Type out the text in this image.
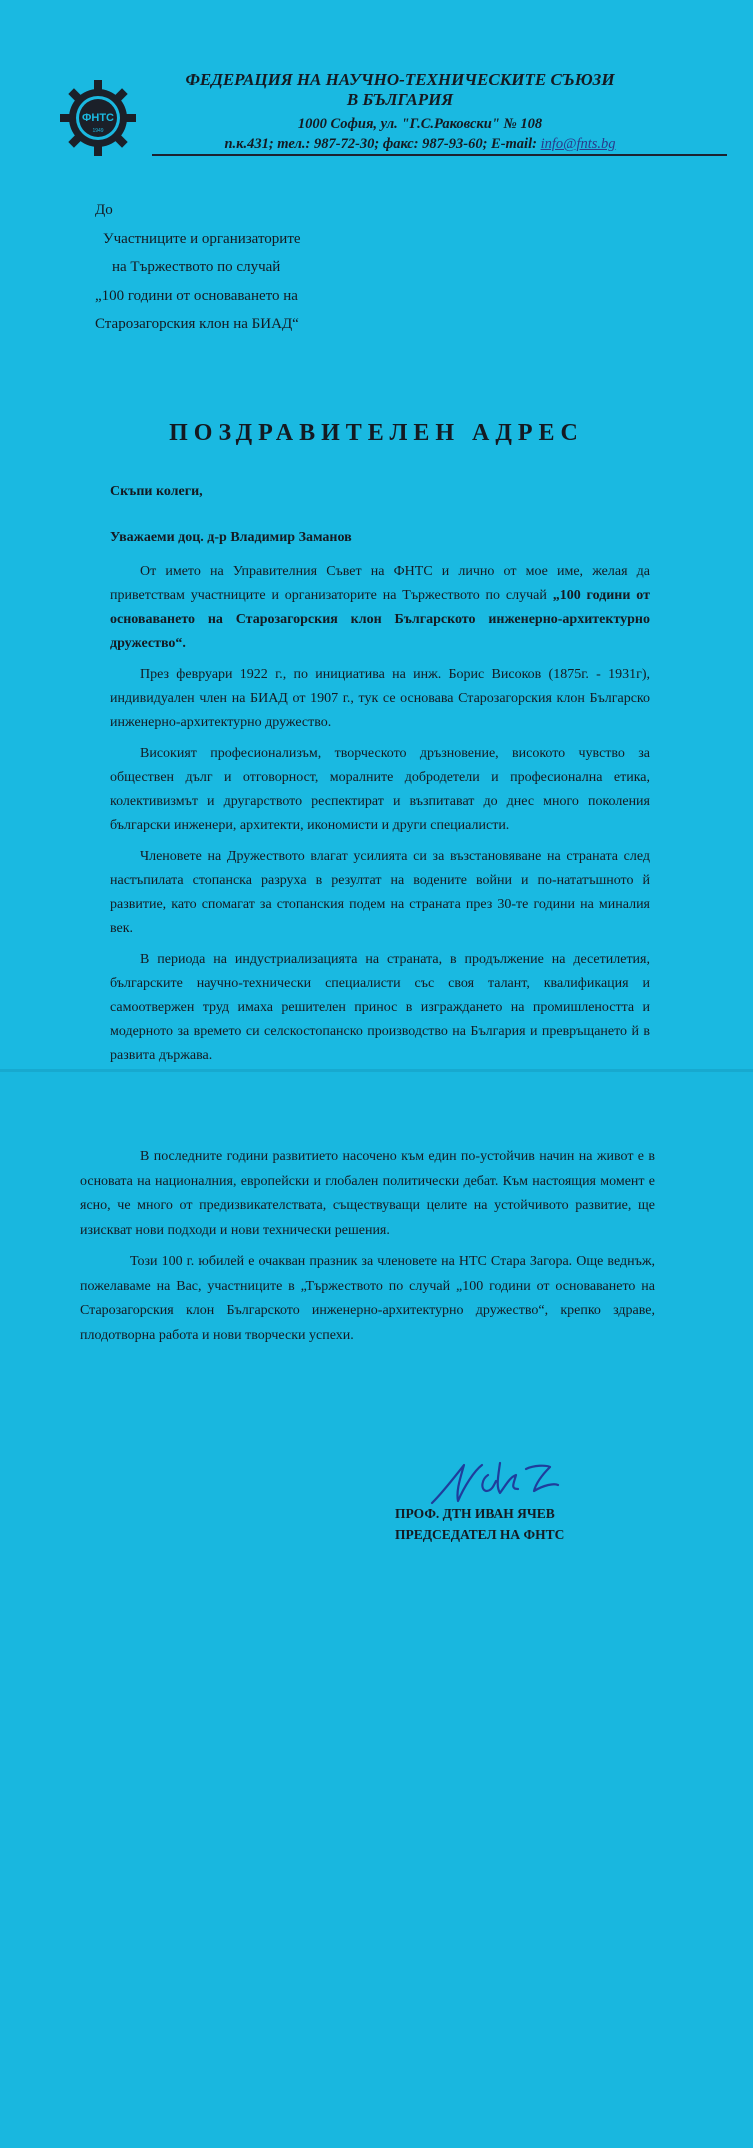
ФНТС
1949
ФЕДЕРАЦИЯ НА НАУЧНО-ТЕХНИЧЕСКИТЕ СЪЮЗИ
В БЪЛГАРИЯ
1000 София, ул. "Г.С.Раковски" № 108
п.к.431; тел.: 987-72-30; факс: 987-93-60; E-mail: info@fnts.bg
До
Участниците и организаторите
на Тържеството по случай
„100 години от основаването на
Старозагорския клон на БИАД“
ПОЗДРАВИТЕЛЕН АДРЕС

Скъпи колеги,

Уважаеми доц. д-р Владимир Заманов

От името на Управителния Съвет на ФНТС и лично от мое име, желая да приветствам участниците и организаторите на Тържеството по случай „100 години от основаването на Старозагорския клон Българското инженерно-архитектурно дружество“.

През февруари 1922 г., по инициатива на инж. Борис Високов (1875г. - 1931г), индивидуален член на БИАД от 1907 г., тук се основава Старозагорския клон Българско инженерно-архитектурно дружество.

Високият професионализъм, творческото дръзновение, високото чувство за обществен дълг и отговорност, моралните добродетели и професионална етика, колективизмът и другарството респектират и възпитават до днес много поколения български инженери, архитекти, икономисти и други специалисти.

Членовете на Дружеството влагат усилията си за възстановяване на страната след настъпилата стопанска разруха в резултат на водените войни и по-нататъшното й развитие, като спомагат за стопанския подем на страната през 30-те години на миналия век.

В периода на индустриализацията на страната, в продължение на десетилетия, българските научно-технически специалисти със своя талант, квалификация и самоотвержен труд имаха решителен принос в изграждането на промишлеността и модерното за времето си селскостопанско производство на България и превръщането й в развита държава.

В последните години развитието насочено към един по-устойчив начин на живот е в основата на националния, европейски и глобален политически дебат. Към настоящия момент е ясно, че много от предизвикателствата, съществуващи целите на устойчивото развитие, ще изискват нови подходи и нови технически решения.

Този 100 г. юбилей е очакван празник за членовете на НТС Стара Загора. Още веднъж, пожелаваме на Вас, участниците в „Тържеството по случай „100 години от основаването на Старозагорския клон Българското инженерно-архитектурно дружество“, крепко здраве, плодотворна работа и нови творчески успехи.

ПРОФ. ДТН ИВАН ЯЧЕВ
ПРЕДСЕДАТЕЛ НА ФНТС
